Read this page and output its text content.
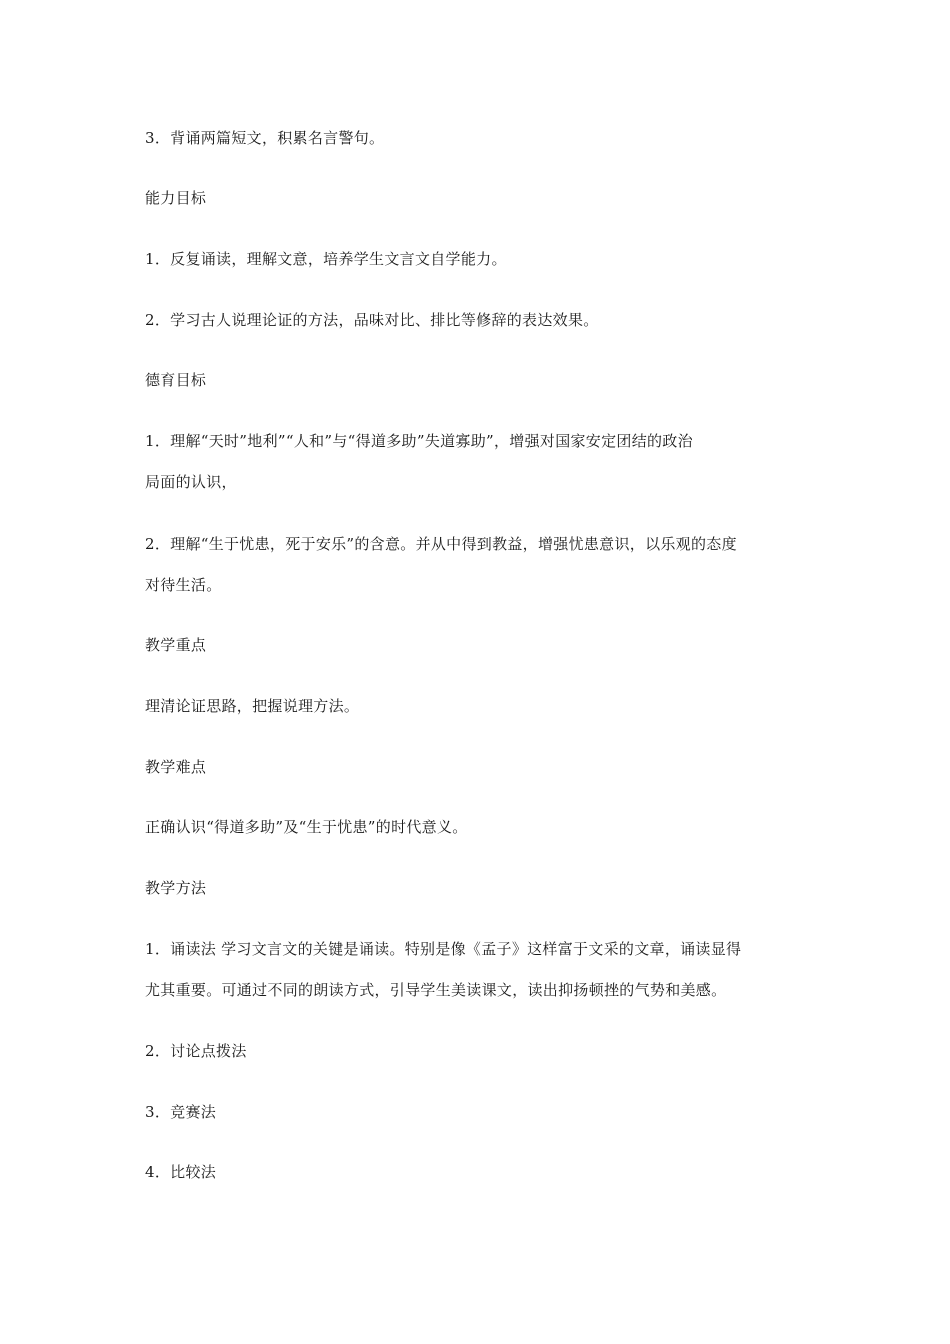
3．背诵两篇短文，积累名言警句。
能力目标
1．反复诵读，理解文意，培养学生文言文自学能力。
2．学习古人说理论证的方法，品味对比、排比等修辞的表达效果。
德育目标
1．理解“天时”地利”“人和”与“得道多助”失道寡助”，增强对国家安定团结的政治
局面的认识，
2．理解“生于忧患，死于安乐”的含意。并从中得到教益，增强忧患意识，以乐观的态度
对待生活。
教学重点
理清论证思路，把握说理方法。
教学难点
正确认识“得道多助”及“生于忧患”的时代意义。
教学方法
1．诵读法 学习文言文的关键是诵读。特别是像《孟子》这样富于文采的文章，诵读显得
尤其重要。可通过不同的朗读方式，引导学生美读课文，读出抑扬顿挫的气势和美感。
2．讨论点拨法
3．竞赛法
4．比较法
